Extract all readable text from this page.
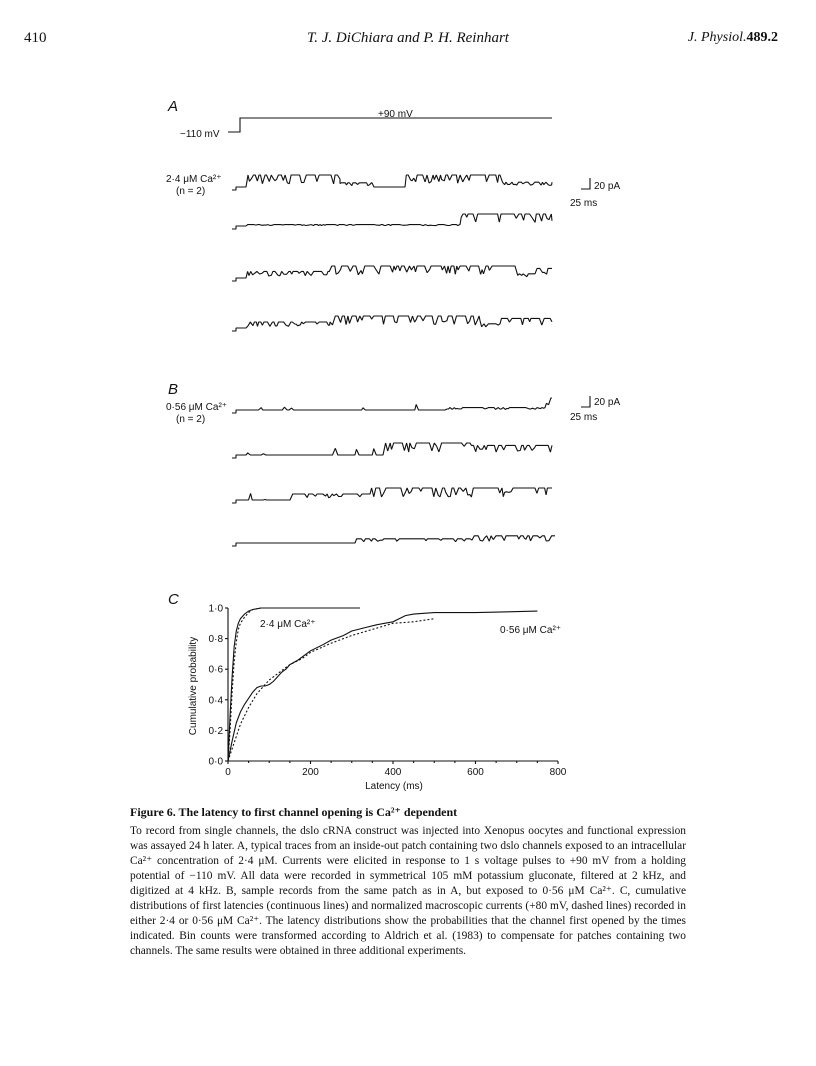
410	T. J. DiChiara and P. H. Reinhart	J. Physiol.489.2
A	+90 mV
−110 mV
2·4 μM Ca²⁺
(n = 2)	20 pA
25 ms
B
0·56 μM Ca²⁺
(n = 2)
20 pA
25 ms
C
Cumulative probability
Latency (ms)
2·4 μM Ca²⁺
0·56 μM Ca²⁺
0	200	400	600	800
0·0
0·2
0·4
0·6
0·8
1·0
Figure 6. The latency to first channel opening is Ca²⁺ dependent

To record from single channels, the dslo cRNA construct was injected into Xenopus oocytes and functional expression was assayed 24 h later. A, typical traces from an inside-out patch containing two dslo channels exposed to an intracellular Ca²⁺ concentration of 2·4 μM. Currents were elicited in response to 1 s voltage pulses to +90 mV from a holding potential of −110 mV. All data were recorded in symmetrical 105 mM potassium gluconate, filtered at 2 kHz, and digitized at 4 kHz. B, sample records from the same patch as in A, but exposed to 0·56 μM Ca²⁺. C, cumulative distributions of first latencies (continuous lines) and normalized macroscopic currents (+80 mV, dashed lines) recorded in either 2·4 or 0·56 μM Ca²⁺. The latency distributions show the probabilities that the channel first opened by the times indicated. Bin counts were transformed according to Aldrich et al. (1983) to compensate for patches containing two channels. The same results were obtained in three additional experiments.
